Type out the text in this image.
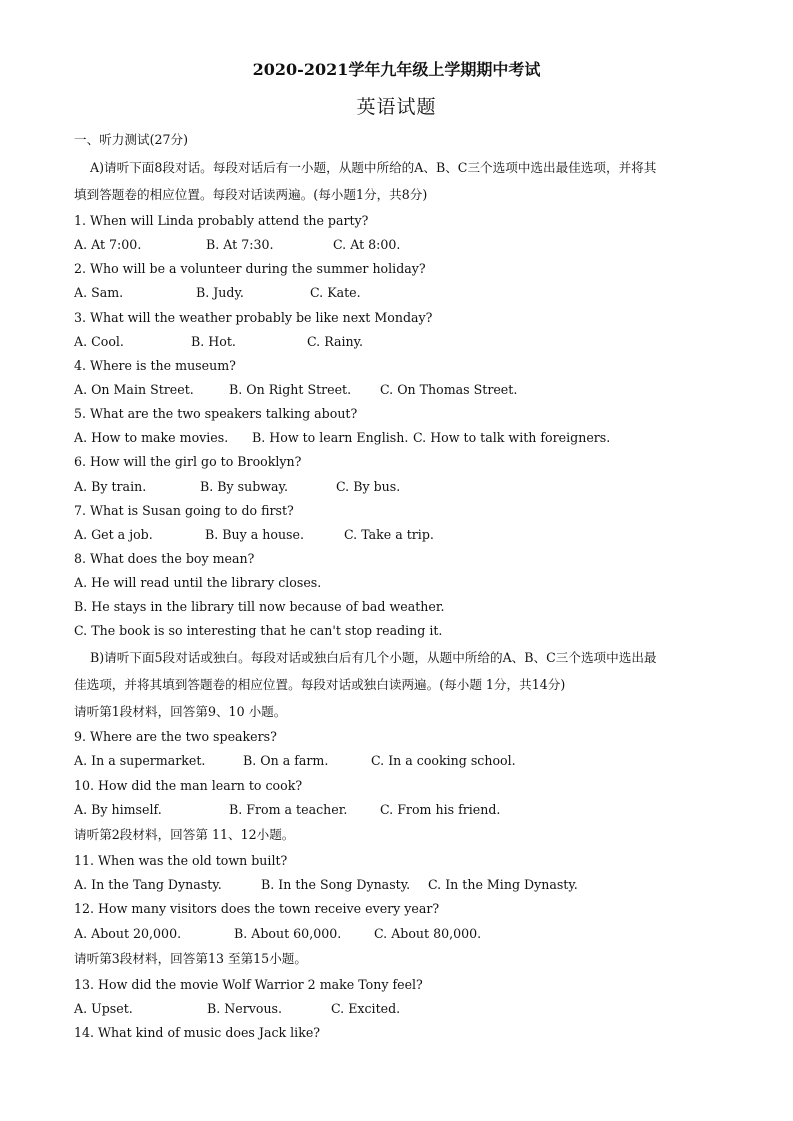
2020-2021学年九年级上学期期中考试
英语试题
一、听力测试(27分)
A)请听下面8段对话。每段对话后有一小题，从题中所给的A、B、C三个选项中选出最佳选项，并将其
填到答题卷的相应位置。每段对话读两遍。(每小题1分，共8分)
1. When will Linda probably attend the party?
A. At 7:00.	B. At 7:30.	C. At 8:00.
2. Who will be a volunteer during the summer holiday?
A. Sam.	B. Judy.	C. Kate.
3. What will the weather probably be like next Monday?
A. Cool.	B. Hot.	C. Rainy.
4. Where is the museum?
A. On Main Street.	B. On Right Street. C. On Thomas Street.
5. What are the two speakers talking about?
A. How to make movies. B. How to learn English. C. How to talk with foreigners.
6. How will the girl go to Brooklyn?
A. By train.	B. By subway.	C. By bus.
7. What is Susan going to do first?
A. Get a job.	B. Buy a house.	C. Take a trip.
8. What does the boy mean?
A. He will read until the library closes.
B. He stays in the library till now because of bad weather.
C. The book is so interesting that he can't stop reading it.
B)请听下面5段对话或独白。每段对话或独白后有几个小题，从题中所给的A、B、C三个选项中选出最
佳选项，并将其填到答题卷的相应位置。每段对话或独白读两遍。(每小题 1分，共14分)
请听第1段材料，回答第9、10 小题。
9. Where are the two speakers?
A. In a supermarket.	B. On a farm.	C. In a cooking school.
10. How did the man learn to cook?
A. By himself.	B. From a teacher.	C. From his friend.
请听第2段材料，回答第 11、12小题。
11. When was the old town built?
A. In the Tang Dynasty.	B. In the Song Dynasty. C. In the Ming Dynasty.
12. How many visitors does the town receive every year?
A. About 20,000.	B. About 60,000.	C. About 80,000.
请听第3段材料，回答第13 至第15小题。
13. How did the movie Wolf Warrior 2 make Tony feel?
A. Upset.	B. Nervous.	C. Excited.
14. What kind of music does Jack like?
